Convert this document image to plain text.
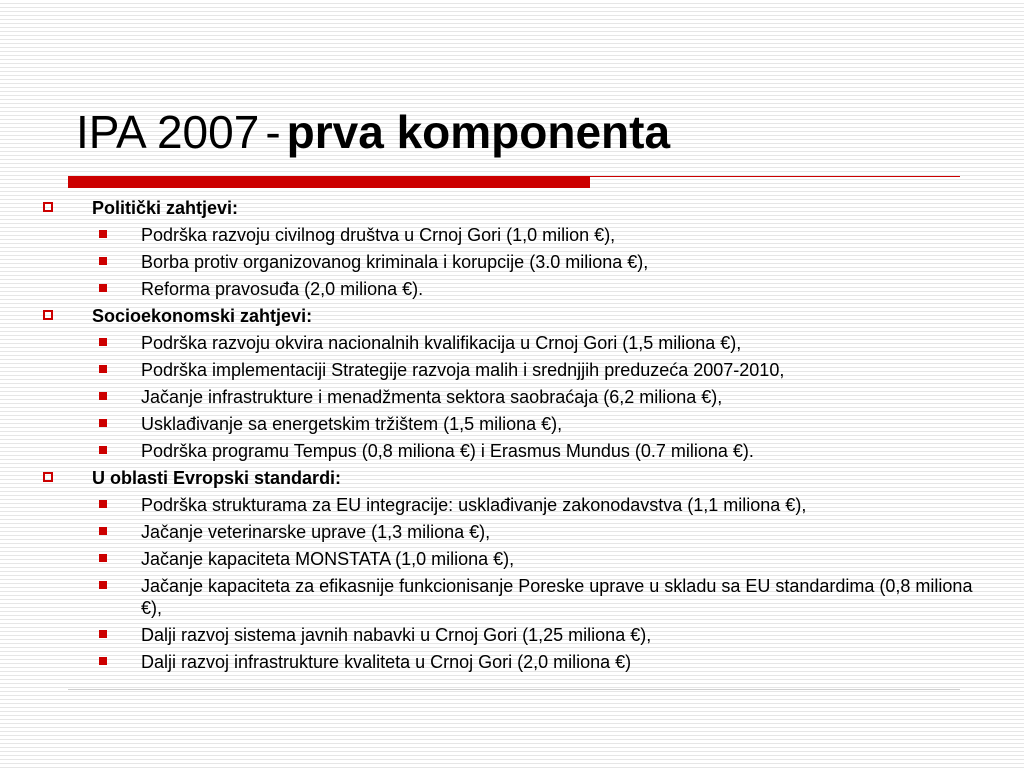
IPA 2007 - prva komponenta
Politički zahtjevi:
Podrška razvoju civilnog društva u Crnoj Gori (1,0 milion €),
Borba protiv organizovanog kriminala i korupcije (3.0 miliona €),
Reforma pravosuđa (2,0 miliona €).
Socioekonomski zahtjevi:
Podrška razvoju okvira nacionalnih kvalifikacija u Crnoj Gori (1,5 miliona €),
Podrška implementaciji Strategije razvoja malih i srednjjih preduzeća 2007-2010,
Jačanje infrastrukture i menadžmenta sektora saobraćaja (6,2 miliona €),
Usklađivanje sa energetskim tržištem (1,5 miliona €),
Podrška programu Tempus (0,8 miliona €) i Erasmus Mundus (0.7 miliona €).
U oblasti Evropski standardi:
Podrška strukturama za EU integracije: usklađivanje zakonodavstva (1,1 miliona €),
Jačanje veterinarske uprave (1,3 miliona €),
Jačanje kapaciteta MONSTATA (1,0 miliona €),
Jačanje kapaciteta za efikasnije funkcionisanje Poreske uprave u skladu sa EU standardima (0,8 miliona €),
Dalji razvoj sistema javnih nabavki u Crnoj Gori (1,25 miliona €),
Dalji razvoj infrastrukture kvaliteta u Crnoj Gori (2,0 miliona €)
